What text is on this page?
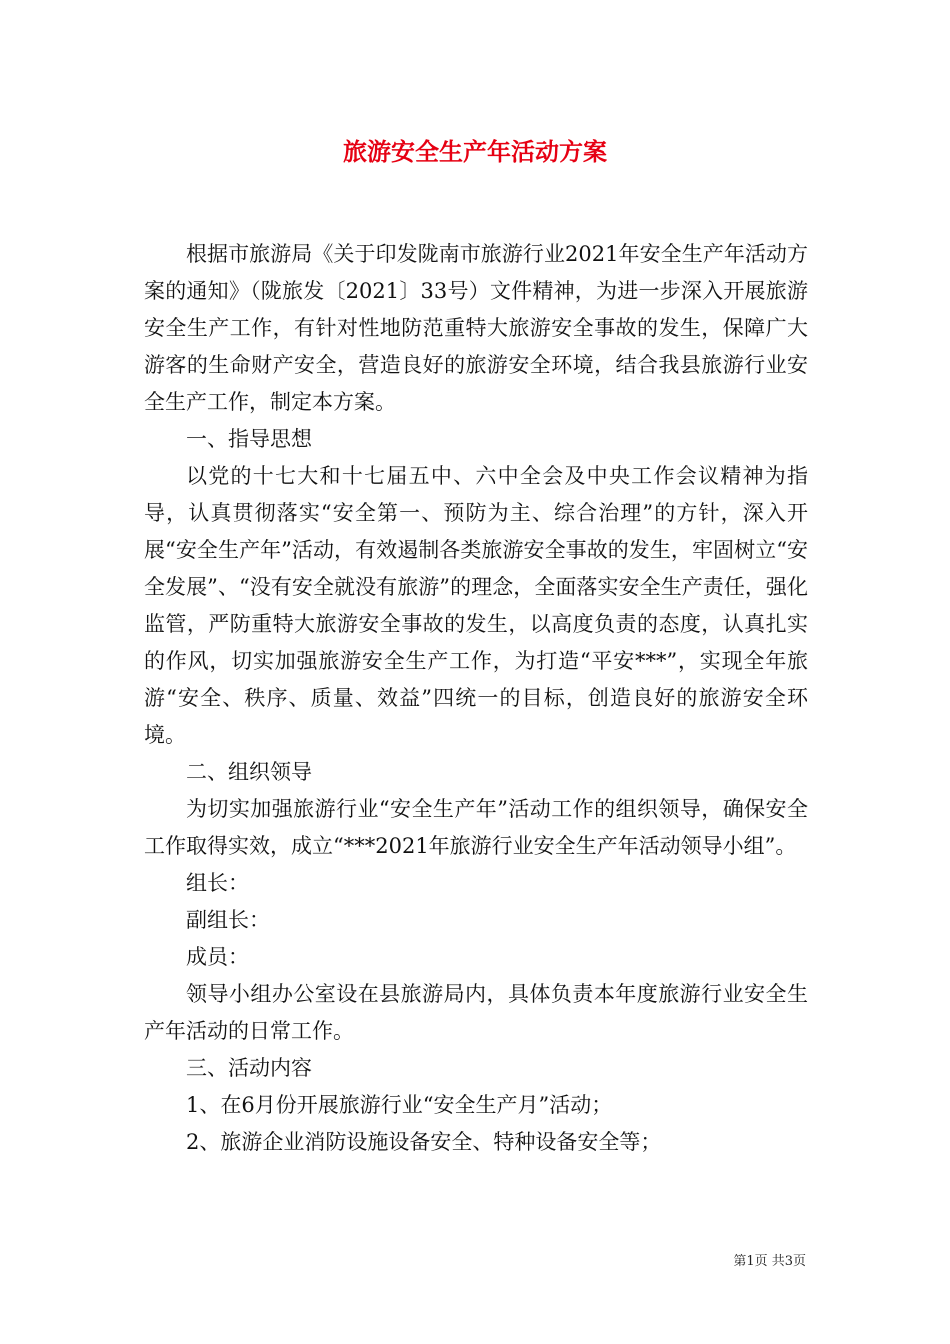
旅游安全生产年活动方案

根据市旅游局《关于印发陇南市旅游行业2021年安全生产年活动方案的通知》（陇旅发〔2021〕33号）文件精神，为进一步深入开展旅游安全生产工作，有针对性地防范重特大旅游安全事故的发生，保障广大游客的生命财产安全，营造良好的旅游安全环境，结合我县旅游行业安全生产工作，制定本方案。

一、指导思想

以党的十七大和十七届五中、六中全会及中央工作会议精神为指导，认真贯彻落实“安全第一、预防为主、综合治理”的方针，深入开展“安全生产年”活动，有效遏制各类旅游安全事故的发生，牢固树立“安全发展”、“没有安全就没有旅游”的理念，全面落实安全生产责任，强化监管，严防重特大旅游安全事故的发生，以高度负责的态度，认真扎实的作风，切实加强旅游安全生产工作，为打造“平安***”，实现全年旅游“安全、秩序、质量、效益”四统一的目标，创造良好的旅游安全环境。

二、组织领导

为切实加强旅游行业“安全生产年”活动工作的组织领导，确保安全工作取得实效，成立“***2021年旅游行业安全生产年活动领导小组”。

组长：

副组长：

成员：

领导小组办公室设在县旅游局内，具体负责本年度旅游行业安全生产年活动的日常工作。

三、活动内容

1、在6月份开展旅游行业“安全生产月”活动；

2、旅游企业消防设施设备安全、特种设备安全等；

第1页 共3页
